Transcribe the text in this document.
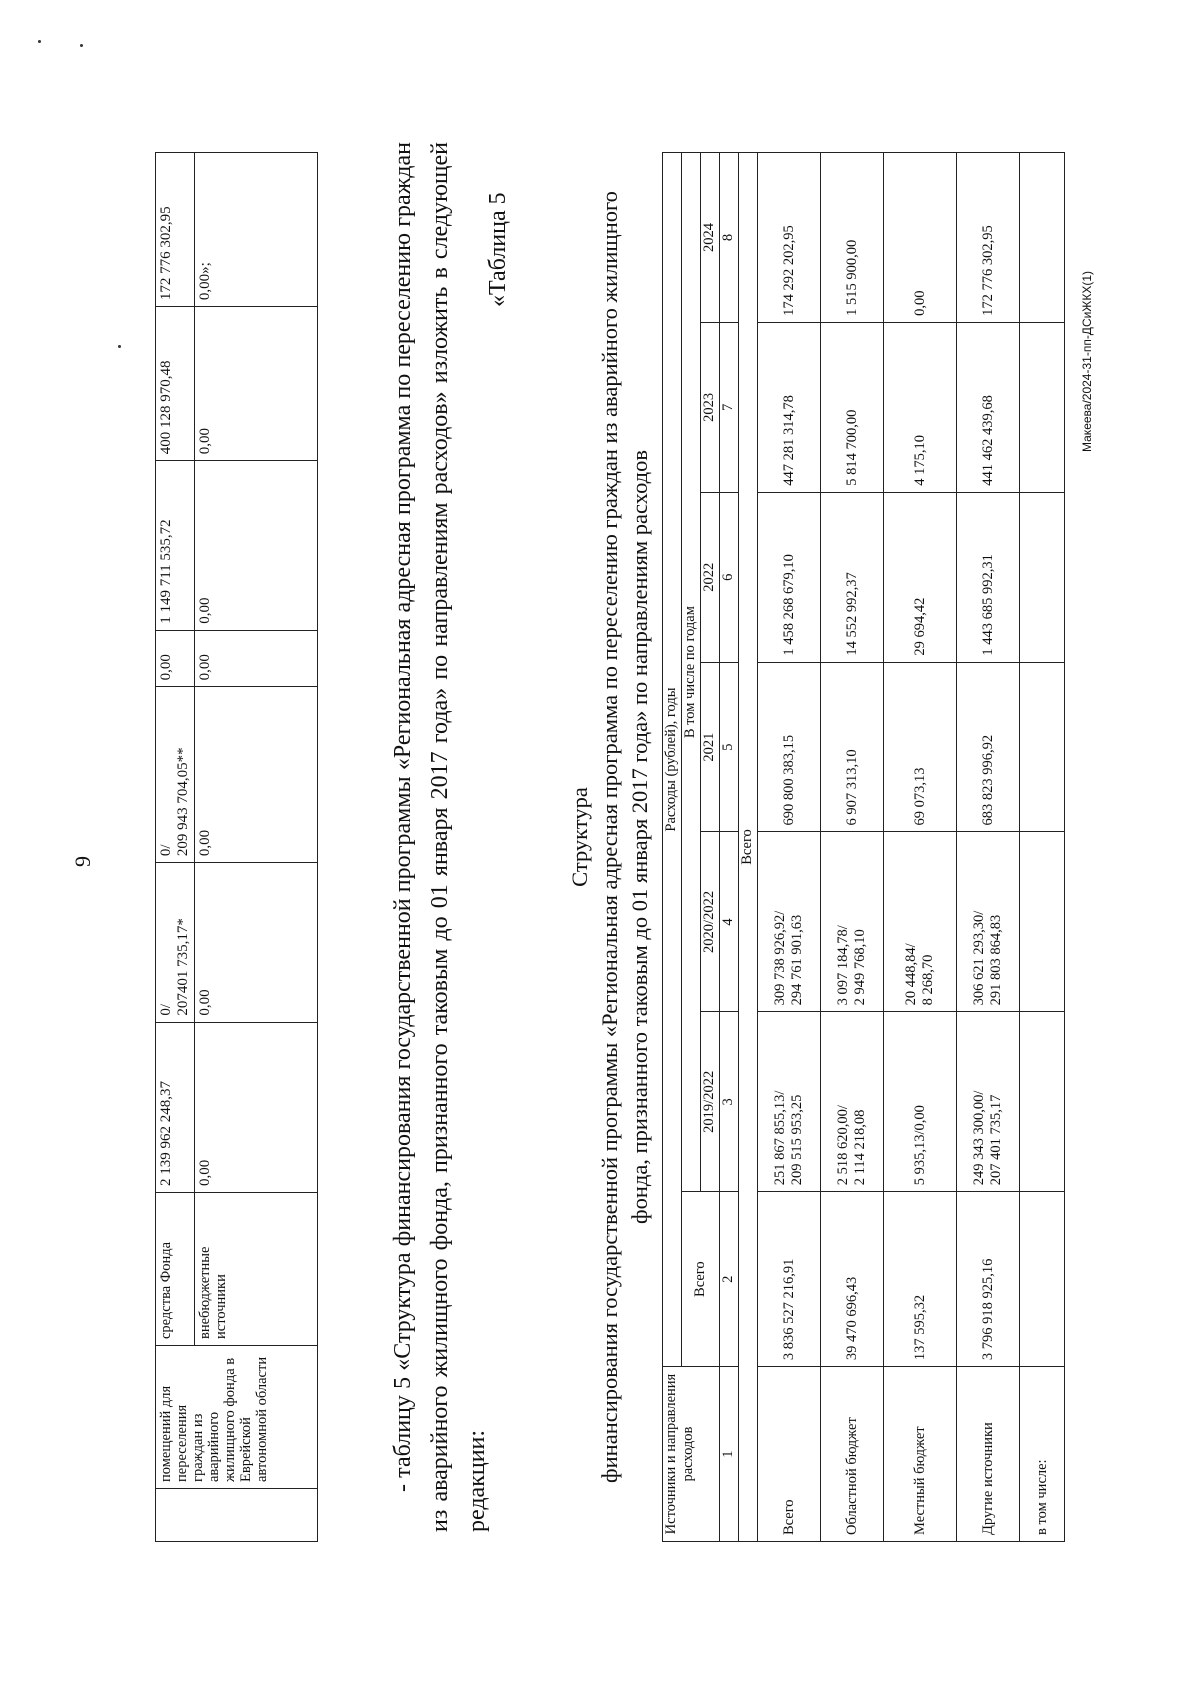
9
	помещений для переселения граждан из аварийного жилищного фонда в Еврейской автономной области	средства Фонда	2 139 962 248,37	0/
207401 735,17*	0/
209 943 704,05**	0,00	1 149 711 535,72	400 128 970,48	172 776 302,95
		внебюджетные источники	0,00	0,00	0,00	0,00	0,00	0,00	0,00»;	- таблицу 5 «Структура финансирования государственной программы «Региональная адресная программа по переселению граждан из аварийного жилищного фонда, признанного таковым до 01 января 2017 года» по направлениям расходов» изложить в следующей редакции:
«Таблица 5
Структура финансирования государственной программы «Региональная адресная программа по переселению граждан из аварийного жилищного фонда, признанного таковым до 01 января 2017 года» по направлениям расходов
Источники и направления расходов	Расходы (рублей), годы						
	Всего	В том числе по годам					
		2019/2022	2020/2022	2021	2022	2023	2024
1	2	3	4	5	6	7	8
Всего							
Всего	3 836 527 216,91	251 867 855,13/
209 515 953,25	309 738 926,92/
294 761 901,63	690 800 383,15	1 458 268 679,10	447 281 314,78	174 292 202,95
Областной бюджет	39 470 696,43	2 518 620,00/
2 114 218,08	3 097 184,78/
2 949 768,10	6 907 313,10	14 552 992,37	5 814 700,00	1 515 900,00
Местный бюджет	137 595,32	5 935,13/0,00	20 448,84/
8 268,70	69 073,13	29 694,42	4 175,10	0,00
Другие источники	3 796 918 925,16	249 343 300,00/
207 401 735,17	306 621 293,30/
291 803 864,83	683 823 996,92	1 443 685 992,31	441 462 439,68	172 776 302,95
в том числе:							
Макеева/2024-31-пп-ДСиЖКХ(1)
